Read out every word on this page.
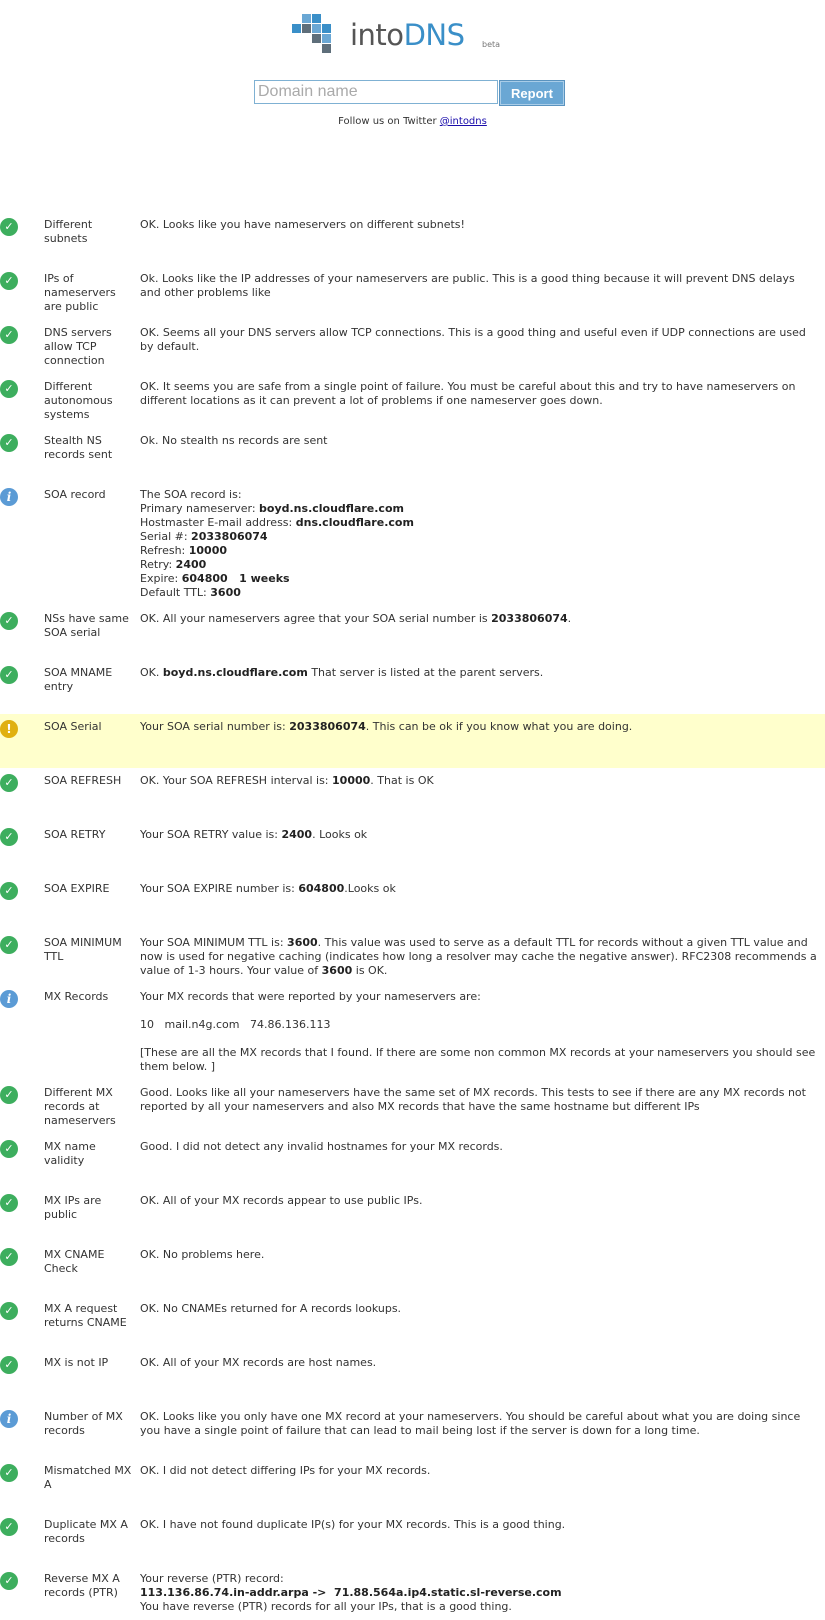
intoDNS beta
Domain name
Report
Follow us on Twitter @intodns
✓	Different subnets

OK. Looks like you have nameservers on different subnets!

✓	IPs of nameservers are public

Ok. Looks like the IP addresses of your nameservers are public. This is a good thing because it will prevent DNS delays and other problems like

✓	DNS servers allow TCP connection

OK. Seems all your DNS servers allow TCP connections. This is a good thing and useful even if UDP connections are used by default.

✓	Different autonomous systems

OK. It seems you are safe from a single point of failure. You must be careful about this and try to have nameservers on different locations as it can prevent a lot of problems if one nameserver goes down.

✓	Stealth NS records sent

Ok. No stealth ns records are sent

i	SOA record	The SOA record is:

Primary nameserver: boyd.ns.cloudflare.com

Hostmaster E-mail address: dns.cloudflare.com

Serial #: 2033806074

Refresh: 10000

Retry: 2400

Expire: 604800   1 weeks

Default TTL: 3600

✓	NSs have same SOA serial

OK. All your nameservers agree that your SOA serial number is 2033806074.

✓	SOA MNAME entry

OK. boyd.ns.cloudflare.com That server is listed at the parent servers.

!	SOA Serial	Your SOA serial number is: 2033806074. This can be ok if you know what you are doing.

✓	SOA REFRESH	OK. Your SOA REFRESH interval is: 10000. That is OK

✓	SOA RETRY	Your SOA RETRY value is: 2400. Looks ok

✓	SOA EXPIRE	Your SOA EXPIRE number is: 604800.Looks ok

✓	SOA MINIMUM TTL

Your SOA MINIMUM TTL is: 3600. This value was used to serve as a default TTL for records without a given TTL value and now is used for negative caching (indicates how long a resolver may cache the negative answer). RFC2308 recommends a value of 1-3 hours. Your value of 3600 is OK.

i	MX Records	Your MX records that were reported by your nameservers are:

10   mail.n4g.com   74.86.136.113

[These are all the MX records that I found. If there are some non common MX records at your nameservers you should see them below. ]

✓	Different MX records at nameservers

Good. Looks like all your nameservers have the same set of MX records. This tests to see if there are any MX records not reported by all your nameservers and also MX records that have the same hostname but different IPs

✓	MX name validity

Good. I did not detect any invalid hostnames for your MX records.

✓	MX IPs are public

OK. All of your MX records appear to use public IPs.

✓	MX CNAME Check

OK. No problems here.

✓	MX A request returns CNAME

OK. No CNAMEs returned for A records lookups.

✓	MX is not IP	OK. All of your MX records are host names.

i	Number of MX records

OK. Looks like you only have one MX record at your nameservers. You should be careful about what you are doing since you have a single point of failure that can lead to mail being lost if the server is down for a long time.

✓	Mismatched MX A

OK. I did not detect differing IPs for your MX records.

✓	Duplicate MX A records

OK. I have not found duplicate IP(s) for your MX records. This is a good thing.

✓	Reverse MX A records (PTR)

Your reverse (PTR) record:

113.136.86.74.in-addr.arpa ->  71.88.564a.ip4.static.sl-reverse.com

You have reverse (PTR) records for all your IPs, that is a good thing.
